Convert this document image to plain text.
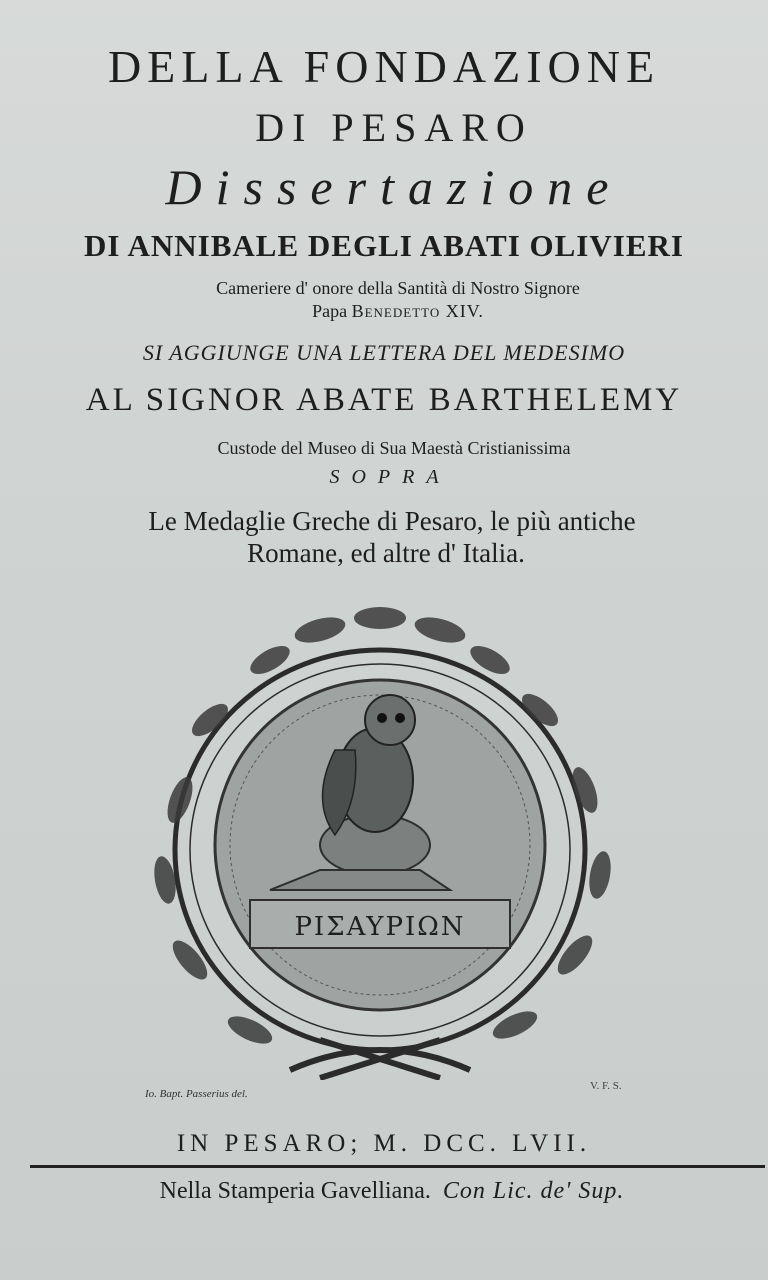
DELLA FONDAZIONE
DI PESARO
Dissertazione
DI ANNIBALE DEGLI ABATI OLIVIERI
Cameriere d' onore della Santità di Nostro Signore
Papa Benedetto XIV.
SI AGGIUNGE UNA LETTERA DEL MEDESIMO
AL SIGNOR ABATE BARTHELEMY
Custode del Museo di Sua Maestà Cristianissima
SOPRA
Le Medaglie Greche di Pesaro, le più antiche
Romane, ed altre d' Italia.
PIΣAYPIΩN
Io. Bapt. Passerius del.
V. F. S.
IN PESARO; M. DCC. LVII.
Nella Stamperia Gavelliana. Con Lic. de' Sup.
